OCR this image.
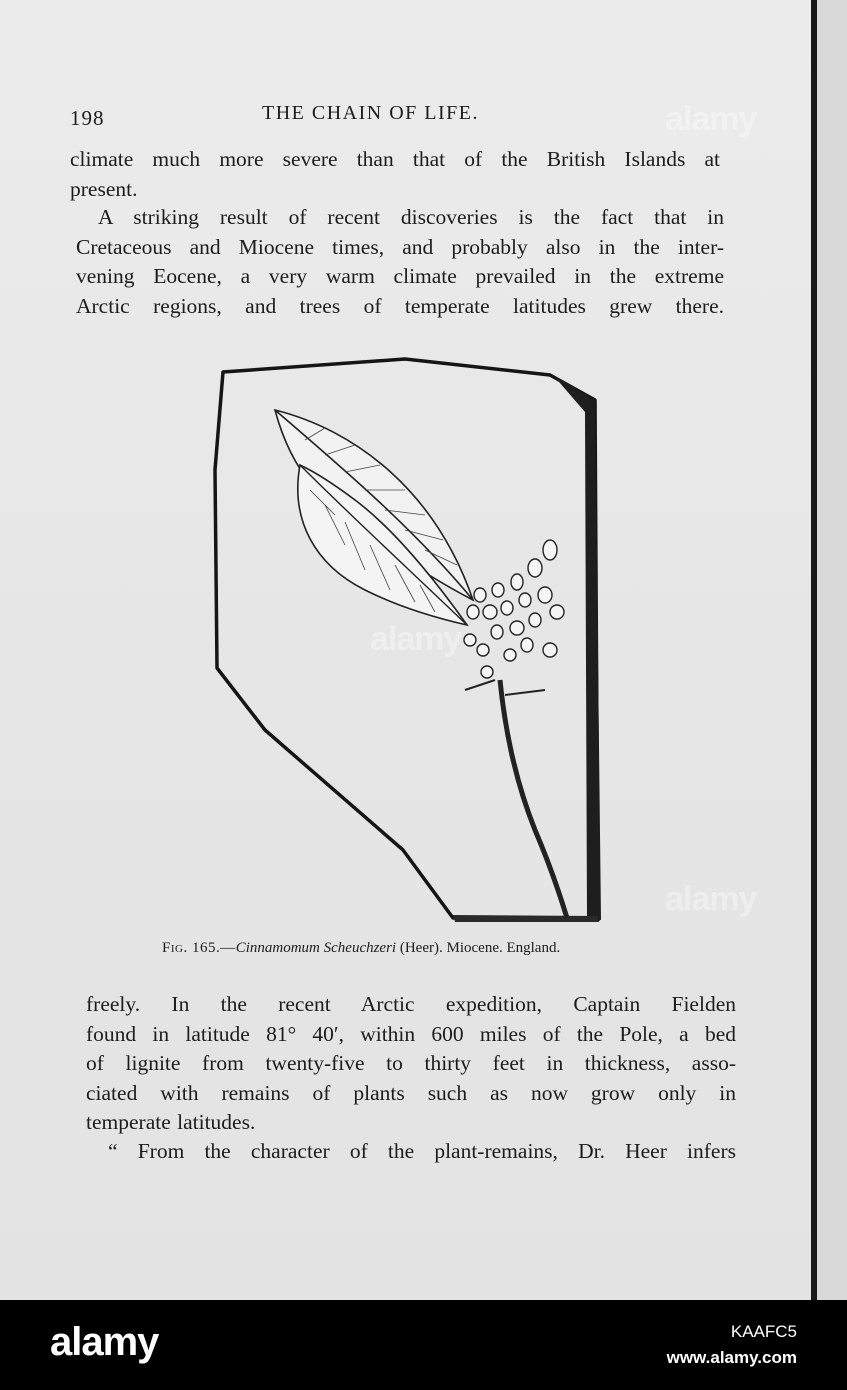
198	THE CHAIN OF LIFE.
climate much more severe than that of the British Islands at
present.
A striking result of recent discoveries is the fact that in
Cretaceous and Miocene times, and probably also in the inter-
vening Eocene, a very warm climate prevailed in the extreme
Arctic regions, and trees of temperate latitudes grew there.
Fig. 165.—Cinnamomum Scheuchzeri (Heer). Miocene. England.
freely. In the recent Arctic expedition, Captain Fielden
found in latitude 81° 40′, within 600 miles of the Pole, a bed
of lignite from twenty-five to thirty feet in thickness, asso-
ciated with remains of plants such as now grow only in
temperate latitudes.
“ From the character of the plant-remains, Dr. Heer infers
alamy
alamy
alamy
alamy	KAAFC5
www.alamy.com
